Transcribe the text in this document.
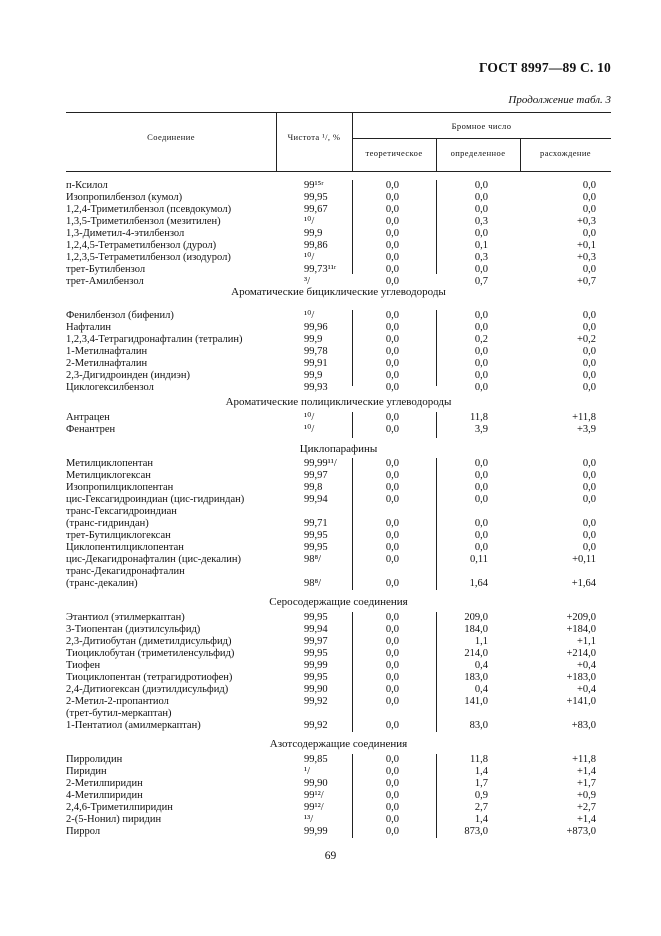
ГОСТ 8997—89 С. 10
Продолжение табл. 3
Соединение	Чистота ¹/, %
Бромное число
теоретическое	определенное	расхождение
п-Ксилол	99¹⁵ʳ	0,0	0,0	0,0
Изопропилбензол (кумол)	99,95	0,0	0,0	0,0
1,2,4-Триметилбензол (псевдокумол)	99,67	0,0	0,0	0,0
1,3,5-Триметилбензол (мезитилен)	¹⁰/	0,0	0,3	+0,3
1,3-Диметил-4-этилбензол	99,9	0,0	0,0	0,0
1,2,4,5-Тетраметилбензол (дурол)	99,86	0,0	0,1	+0,1
1,2,3,5-Тетраметилбензол (изодурол)	¹⁰/	0,0	0,3	+0,3
трет-Бутилбензол	99,73¹¹ʳ	0,0	0,0	0,0
трет-Амилбензол	³/	0,0	0,7	+0,7
Ароматические бициклические углеводороды
Фенилбензол (бифенил)	¹⁰/	0,0	0,0	0,0
Нафталин	99,96	0,0	0,0	0,0
1,2,3,4-Тетрагидронафталин (тетралин)	99,9	0,0	0,2	+0,2
1-Метилнафталин	99,78	0,0	0,0	0,0
2-Метилнафталин	99,91	0,0	0,0	0,0
2,3-Дигидроинден (индиэн)	99,9	0,0	0,0	0,0
Циклогексилбензол	99,93	0,0	0,0	0,0
Ароматические полициклические углеводороды
Антрацен	¹⁰/	0,0	11,8	+11,8
Фенантрен	¹⁰/	0,0	3,9	+3,9
Циклопарафины
Метилциклопентан	99,99¹¹/	0,0	0,0	0,0
Метилциклогексан	99,97	0,0	0,0	0,0
Изопропилциклопентан	99,8	0,0	0,0	0,0
цис-Гексагидроиндиан (цис-гидриндан)	99,94	0,0	0,0	0,0
транс-Гексагидроиндиан
(транс-гидриндан)	99,71	0,0	0,0	0,0
трет-Бутилциклогексан	99,95	0,0	0,0	0,0
Циклопентилциклопентан	99,95	0,0	0,0	0,0
цис-Декагидронафталин (цис-декалин)	98⁸/	0,0	0,11	+0,11
транс-Декагидронафталин
(транс-декалин)	98⁸/	0,0	1,64	+1,64
Серосодержащие соединения
Этантиол (этилмеркаптан)	99,95	0,0	209,0	+209,0
3-Тиопентан (диэтилсульфид)	99,94	0,0	184,0	+184,0
2,3-Дитиобутан (диметилдисульфид)	99,97	0,0	1,1	+1,1
Тиоциклобутан (триметиленсульфид)	99,95	0,0	214,0	+214,0
Тиофен	99,99	0,0	0,4	+0,4
Тиоциклопентан (тетрагидротиофен)	99,95	0,0	183,0	+183,0
2,4-Дитиогексан (диэтилдисульфид)	99,90	0,0	0,4	+0,4
2-Метил-2-пропантиол	99,92	0,0	141,0	+141,0
(трет-бутил-меркаптан)
1-Пентатиол (амилмеркаптан)	99,92	0,0	83,0	+83,0
Азотсодержащие соединения
Пирролидин	99,85	0,0	11,8	+11,8
Пиридин	¹/	0,0	1,4	+1,4
2-Метилпиридин	99,90	0,0	1,7	+1,7
4-Метилпиридин	99¹²/	0,0	0,9	+0,9
2,4,6-Триметилпиридин	99¹²/	0,0	2,7	+2,7
2-(5-Нонил) пиридин	¹³/	0,0	1,4	+1,4
Пиррол	99,99	0,0	873,0	+873,0
69
